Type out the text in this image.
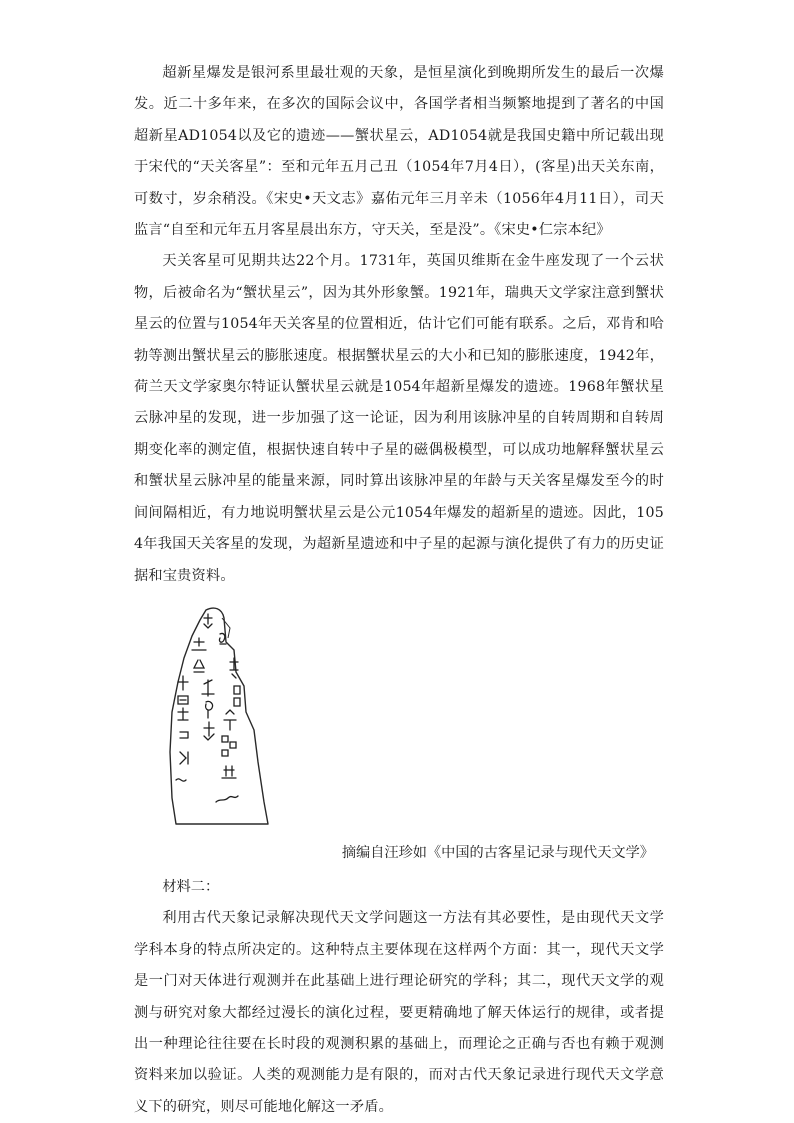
超新星爆发是银河系里最壮观的天象，是恒星演化到晚期所发生的最后一次爆发。近二十多年来，在多次的国际会议中，各国学者相当频繁地提到了著名的中国超新星AD1054以及它的遗迹——蟹状星云，AD1054就是我国史籍中所记载出现于宋代的“天关客星”：至和元年五月己丑（1054年7月4日），(客星)出天关东南，可数寸，岁余稍没。《宋史•天文志》嘉佑元年三月辛未（1056年4月11日），司天监言“自至和元年五月客星晨出东方，守天关，至是没”。《宋史•仁宗本纪》

天关客星可见期共达22个月。1731年，英国贝维斯在金牛座发现了一个云状物，后被命名为“蟹状星云”，因为其外形象蟹。1921年，瑞典天文学家注意到蟹状星云的位置与1054年天关客星的位置相近，估计它们可能有联系。之后，邓肯和哈勃等测出蟹状星云的膨胀速度。根据蟹状星云的大小和已知的膨胀速度，1942年，荷兰天文学家奥尔特证认蟹状星云就是1054年超新星爆发的遗迹。1968年蟹状星云脉冲星的发现，进一步加强了这一论证，因为利用该脉冲星的自转周期和自转周期变化率的测定值，根据快速自转中子星的磁偶极模型，可以成功地解释蟹状星云和蟹状星云脉冲星的能量来源，同时算出该脉冲星的年龄与天关客星爆发至今的时间间隔相近，有力地说明蟹状星云是公元1054年爆发的超新星的遗迹。因此，1054年我国天关客星的发现，为超新星遗迹和中子星的起源与演化提供了有力的历史证据和宝贵资料。

摘编自汪珍如《中国的古客星记录与现代天文学》

材料二：

利用古代天象记录解决现代天文学问题这一方法有其必要性，是由现代天文学学科本身的特点所决定的。这种特点主要体现在这样两个方面：其一，现代天文学是一门对天体进行观测并在此基础上进行理论研究的学科；其二，现代天文学的观测与研究对象大都经过漫长的演化过程，要更精确地了解天体运行的规律，或者提出一种理论往往要在长时段的观测积累的基础上，而理论之正确与否也有赖于观测资料来加以验证。人类的观测能力是有限的，而对古代天象记录进行现代天文学意义下的研究，则尽可能地化解这一矛盾。
